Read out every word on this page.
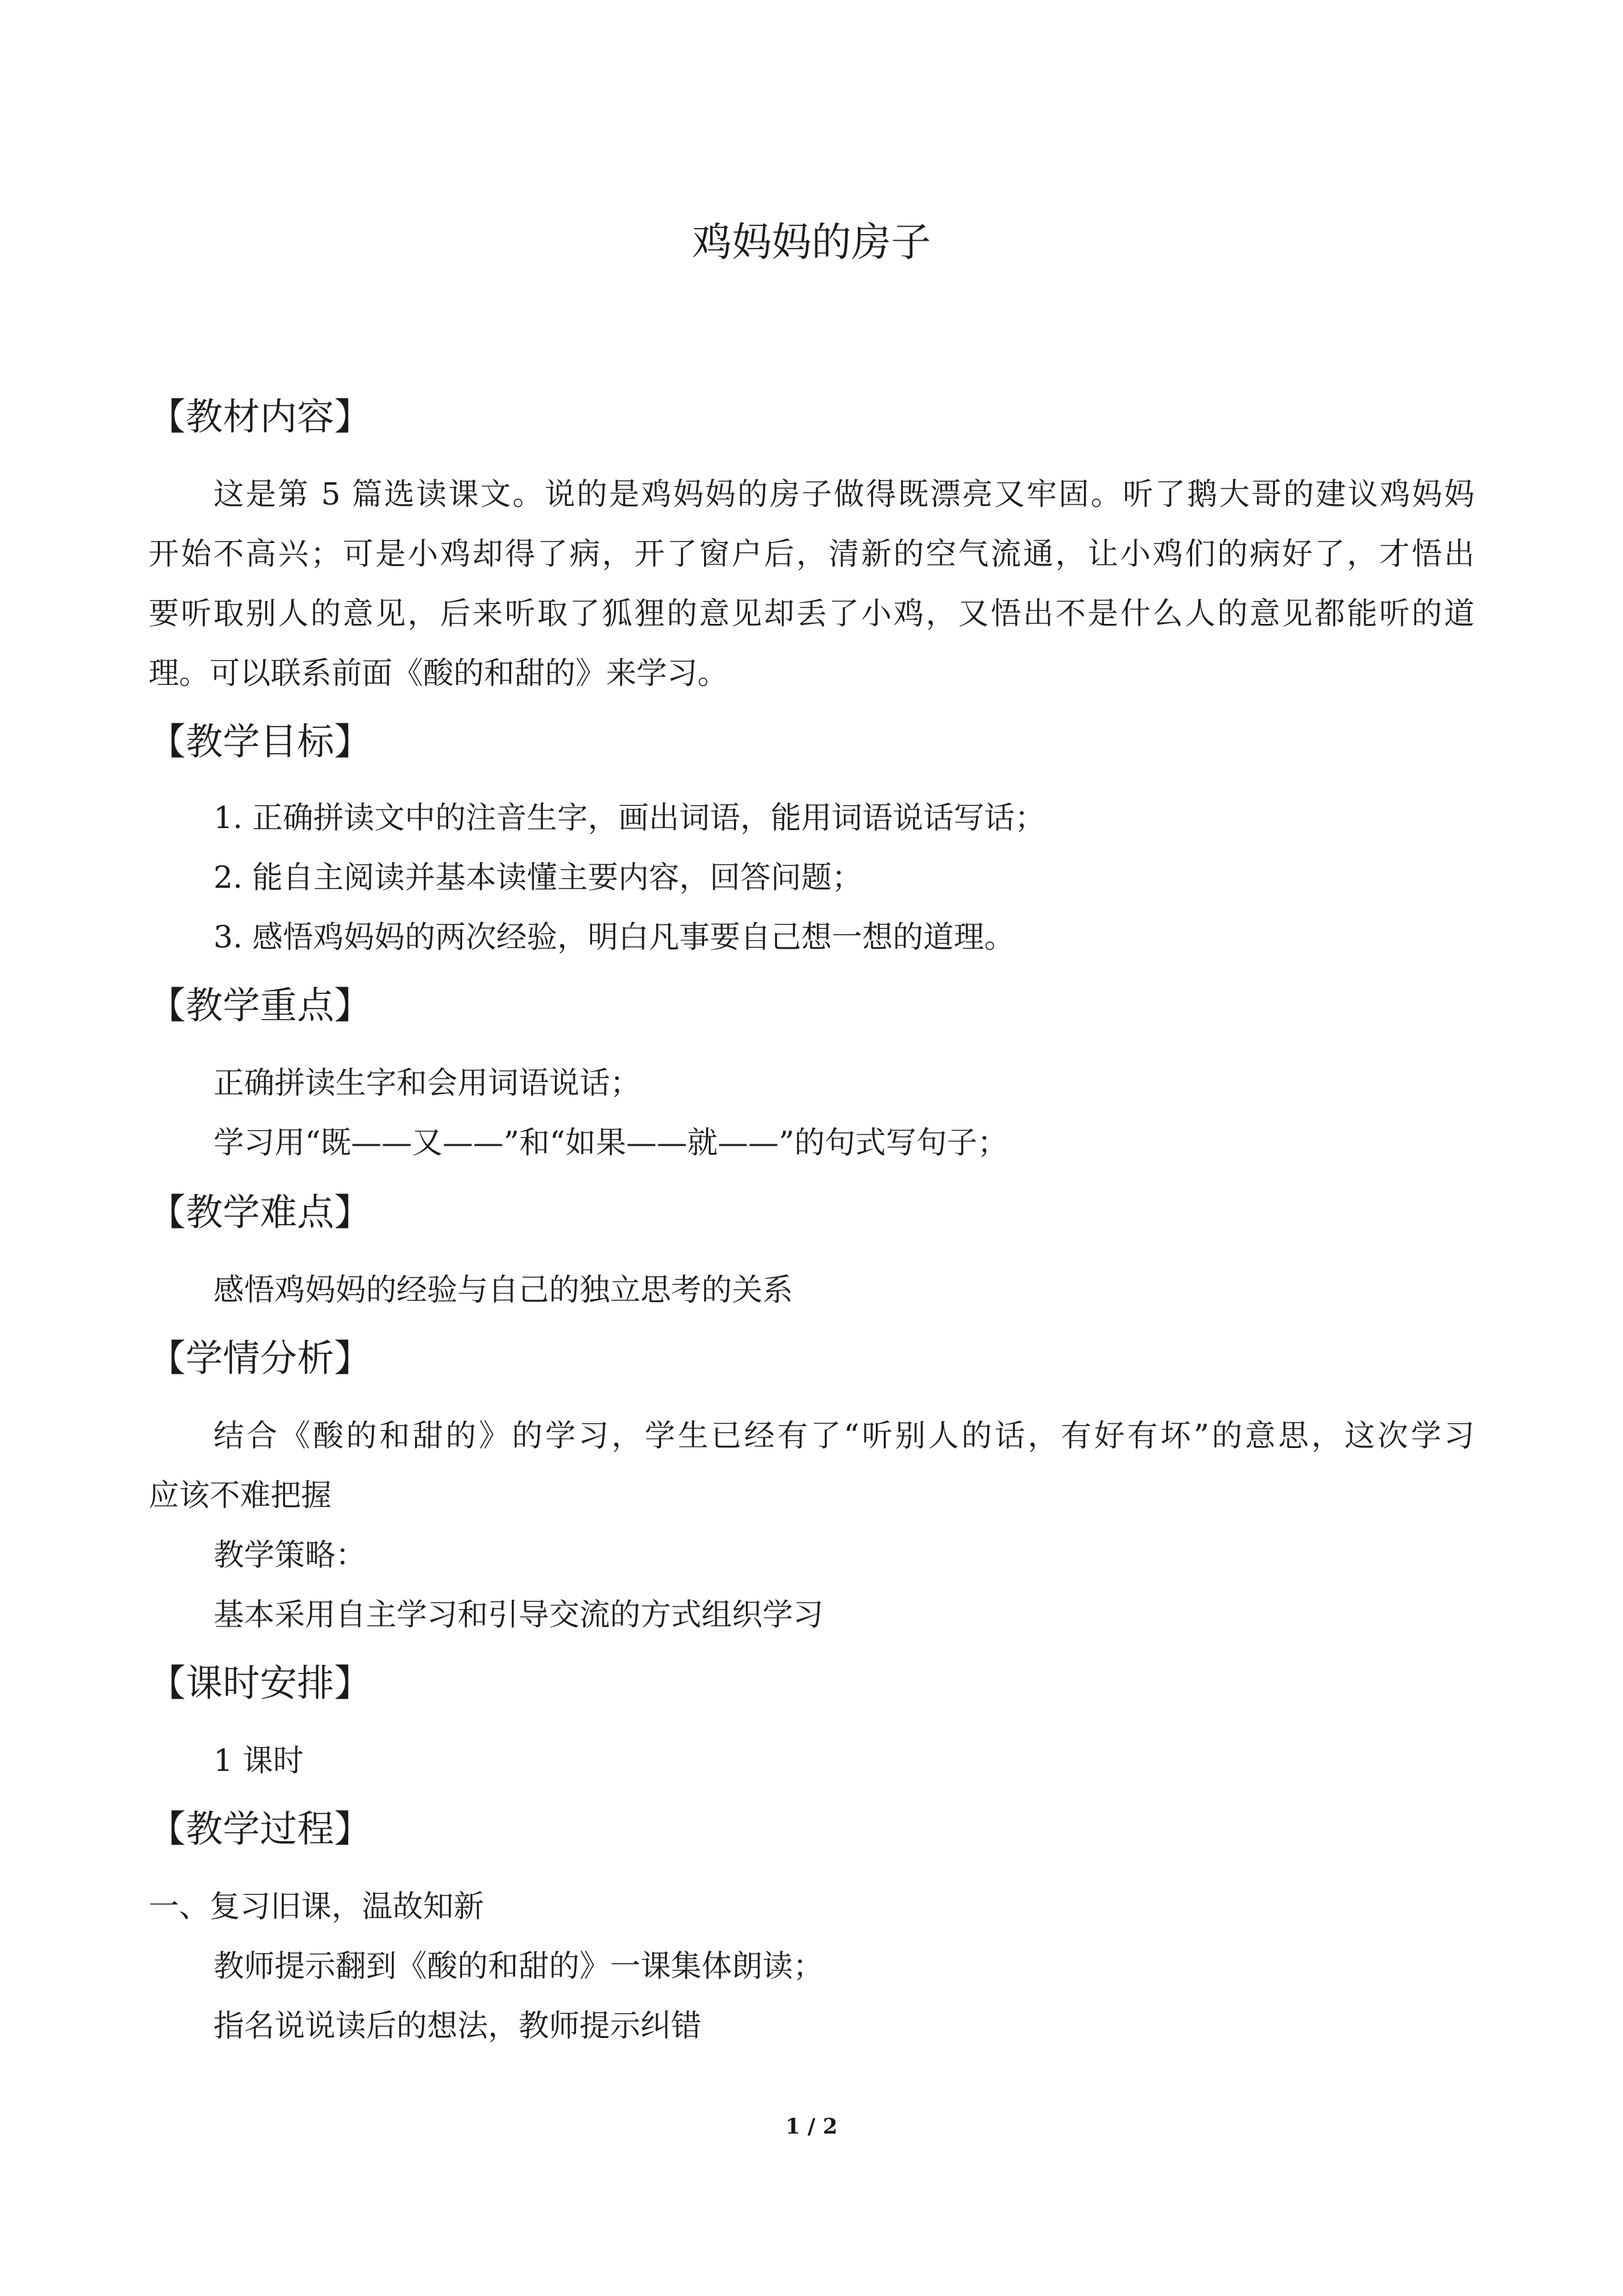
鸡妈妈的房子
【教材内容】
这是第 5 篇选读课文。说的是鸡妈妈的房子做得既漂亮又牢固。听了鹅大哥的建议鸡妈妈
开始不高兴；可是小鸡却得了病，开了窗户后，清新的空气流通，让小鸡们的病好了，才悟出
要听取别人的意见，后来听取了狐狸的意见却丢了小鸡，又悟出不是什么人的意见都能听的道
理。可以联系前面《酸的和甜的》来学习。
【教学目标】
1. 正确拼读文中的注音生字，画出词语，能用词语说话写话；
2. 能自主阅读并基本读懂主要内容，回答问题；
3. 感悟鸡妈妈的两次经验，明白凡事要自己想一想的道理。
【教学重点】
正确拼读生字和会用词语说话；
学习用“既——又——”和“如果——就——”的句式写句子；
【教学难点】
感悟鸡妈妈的经验与自己的独立思考的关系
【学情分析】
结合《酸的和甜的》的学习，学生已经有了“听别人的话，有好有坏”的意思，这次学习
应该不难把握
教学策略：
基本采用自主学习和引导交流的方式组织学习
【课时安排】
1 课时
【教学过程】
一、复习旧课，温故知新
教师提示翻到《酸的和甜的》一课集体朗读；
指名说说读后的想法，教师提示纠错
1 / 2
